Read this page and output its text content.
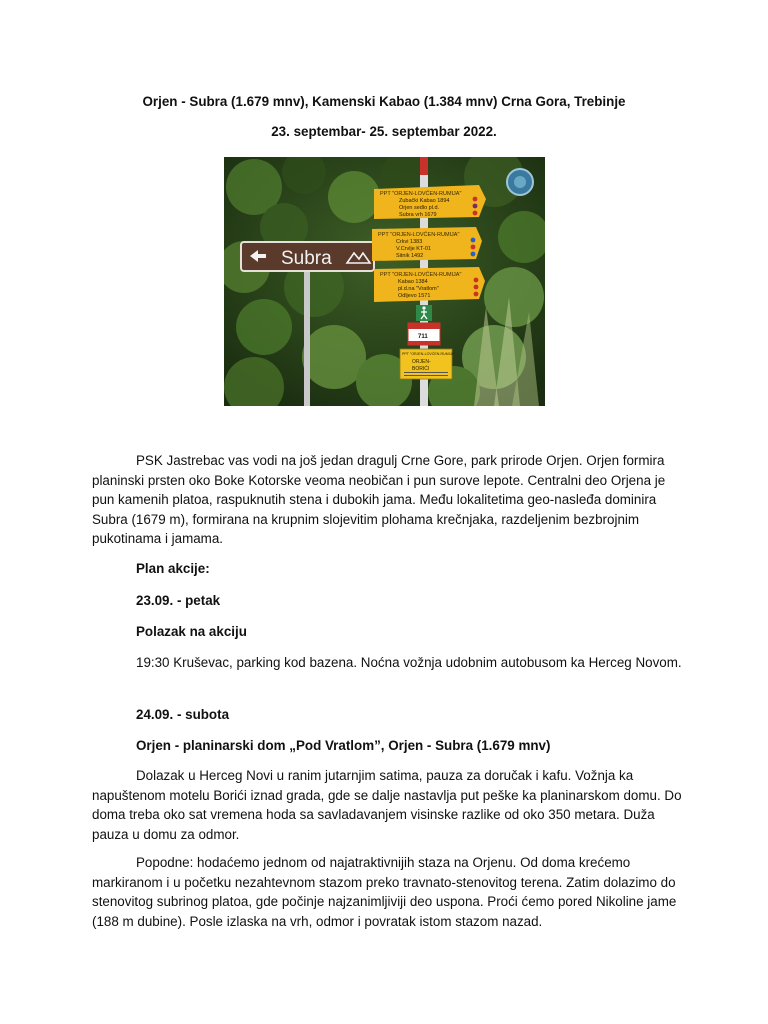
Orjen - Subra (1.679 mnv), Kamenski Kabao (1.384 mnv) Crna Gora, Trebinje
23. septembar- 25. septembar 2022.
Subra
PPT "ORJEN-LOVĆEN-RUMIJA"
Zubački Kabao 1894
Orjen sedlo pl.d.
Subra vrh 1679
PPT "ORJEN-LOVĆEN-RUMIJA"
Crkvi 1383
V.Crvlje KT-01
Sitnik 1492
PPT "ORJEN-LOVĆEN-RUMIJA"
Kabao 1384
pl.d.na "Vratlom"
Odljevo 1571
711
PPT "ORJEN-LOVĆEN-RUMIJA"
ORJEN-
BORIĆI

PSK Jastrebac vas vodi na još jedan dragulj Crne Gore, park prirode Orjen. Orjen formira planinski prsten oko Boke Kotorske veoma neobičan i pun surove lepote. Centralni deo Orjena je pun kamenih platoa, raspuknutih stena i dubokih jama. Među lokalitetima geo-nasleđa dominira Subra (1679 m), formirana na krupnim slojevitim plohama krečnjaka, razdeljenim bezbrojnim pukotinama i jamama.

Plan akcije:
23.09. - petak
Polazak na akciju

19:30 Kruševac, parking kod bazena. Noćna vožnja udobnim autobusom ka Herceg Novom.

24.09. - subota
Orjen - planinarski dom „Pod Vratlom”, Orjen - Subra (1.679 mnv)

Dolazak u Herceg Novi u ranim jutarnjim satima, pauza za doručak i kafu. Vožnja ka napuštenom motelu Borići iznad grada, gde se dalje nastavlja put peške ka planinarskom domu. Do doma treba oko sat vremena hoda sa savladavanjem visinske razlike od oko 350 metara. Duža pauza u domu za odmor.

Popodne: hodaćemo jednom od najatraktivnijih staza na Orjenu. Od doma krećemo markiranom i u početku nezahtevnom stazom preko travnato-stenovitog terena. Zatim dolazimo do stenovitog subrinog platoa, gde počinje najzanimljiviji deo uspona. Proći ćemo pored Nikoline jame (188 m dubine). Posle izlaska na vrh, odmor i povratak istom stazom nazad.
